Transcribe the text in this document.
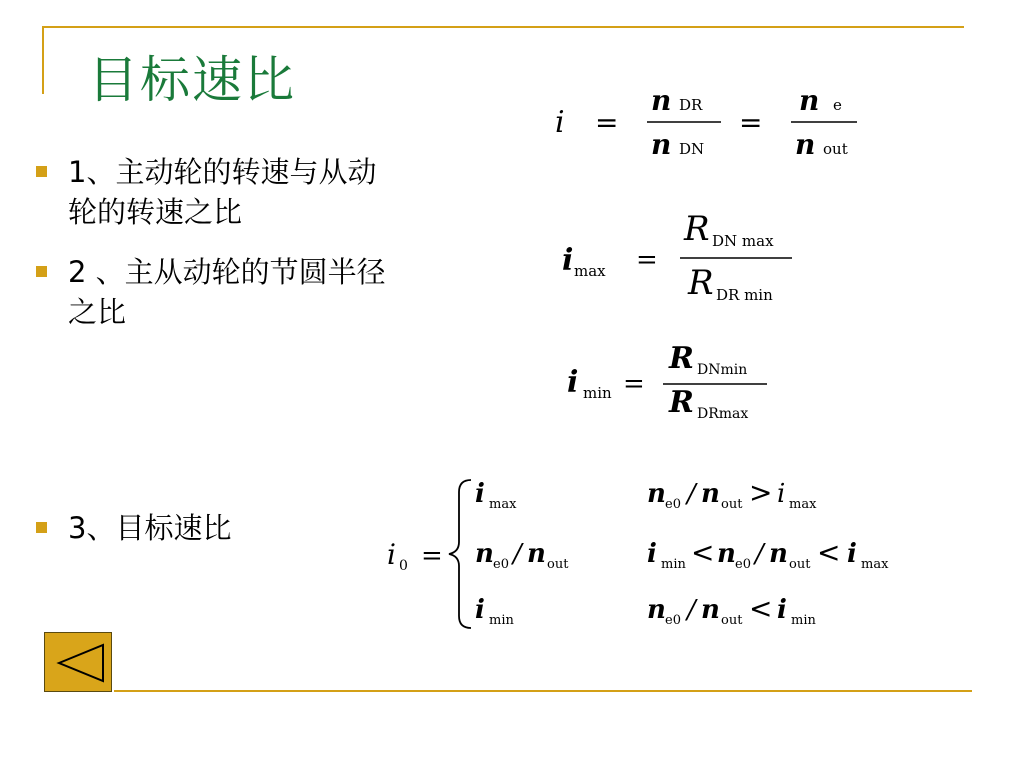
目标速比
1、主动轮的转速与从动轮的转速之比
2 、主从动轮的节圆半径之比
3、目标速比
i =
n DR
n DN
=
n e
n out
i max =
R DN max
R DR min
i min =
R DNmin
R DRmax
i 0 =
i max	n e0 / n out > i max
n e0 / n out	i min < n e0 / n out < i max
i min	n e0 / n out < i min
